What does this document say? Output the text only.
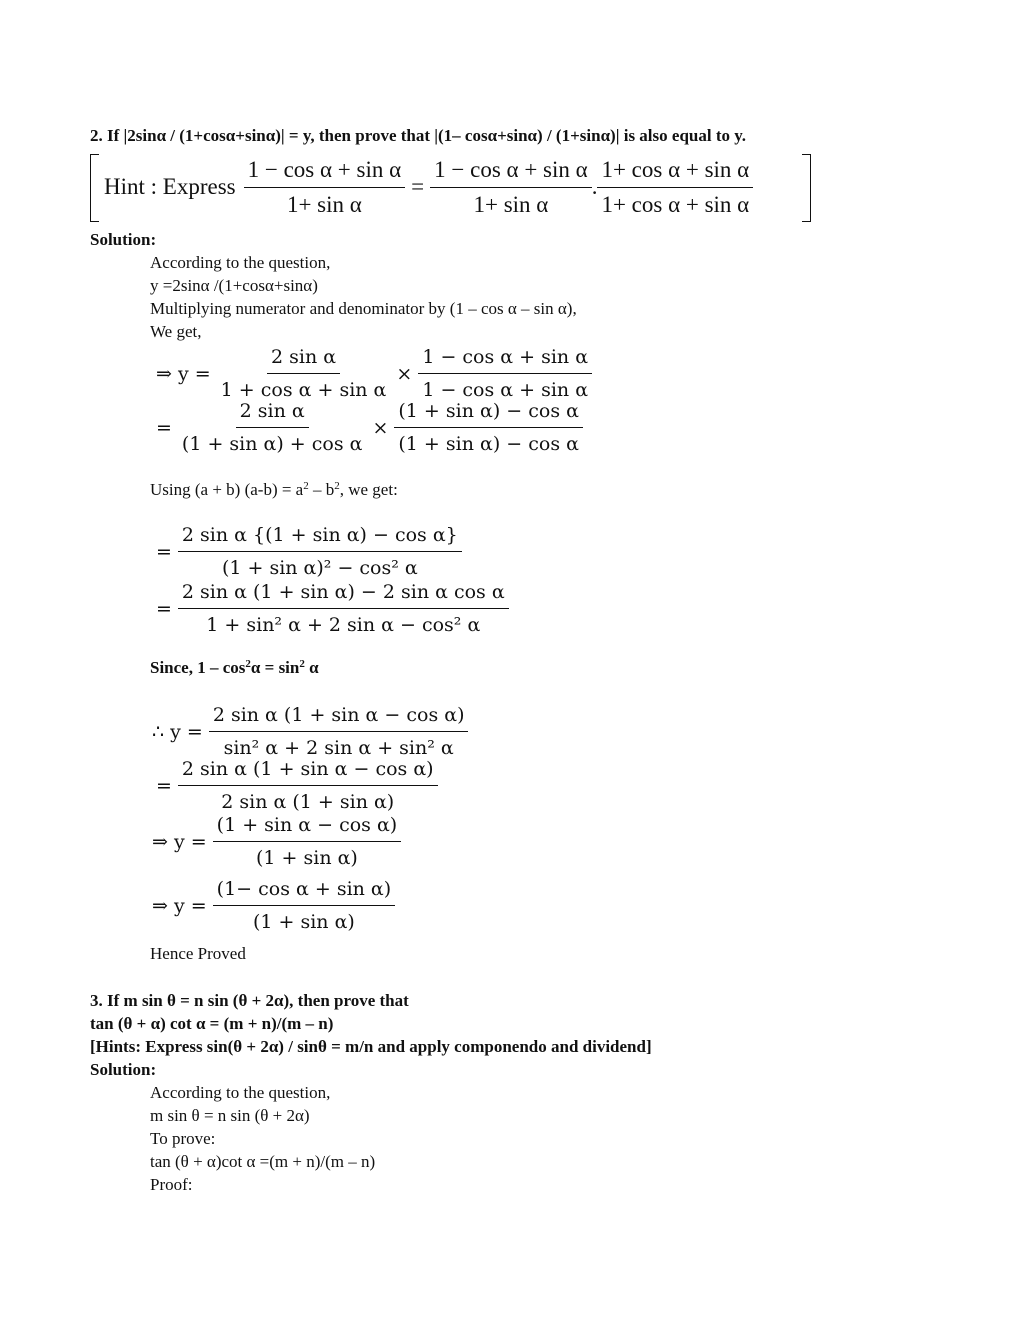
2. If |2sinα / (1+cosα+sinα)| = y, then prove that |(1– cosα+sinα) / (1+sinα)| is also equal to y.
Hint : Express $\frac{\text{1 − cos α + sin α}}{\text{1+ sin α}} = \frac{\text{1 − cos α + sin α}}{\text{1+ sin α}}$ . $\frac{\text{1+ cos α + sin α}}{\text{1+ cos α + sin α}}$
Solution:
According to the question,
y =2sinα /(1+cosα+sinα)
Multiplying numerator and denominator by (1 – cos α – sin α),
We get,
⇒ $y = \frac{\text{2 sin α}}{\text{1 + cos α + sin α}} \times \frac{\text{1 − cos α + sin α}}{\text{1 − cos α + sin α}}$
= $\frac{\text{2 sin α}}{\text{(1 + sin α) + cos α}} \times \frac{\text{(1 + sin α) − cos α}}{\text{(1 + sin α) − cos α}}$
Using (a + b) $(a-b) = a^2 - b^2$, we get:
= $\frac{\text{2 sin α \{(1 + sin α) − cos α\}}}{\text{(1 + sin α)² − cos² α}}$
= $\frac{\text{2 sin α (1 + sin α) − 2 sin α cos α}}{\text{1 + sin² α + 2 sin α − cos² α}}$
Since, $1 - \cos^2\alpha = \sin^2 \alpha$
∴ $y = \frac{\text{2 sin α (1 + sin α − cos α)}}{\text{sin² α + 2 sin α + sin² α}}$
= $\frac{\text{2 sin α (1 + sin α − cos α)}}{\text{2 sin α (1 + sin α)}}$
⇒ $y = \frac{\text{(1 + sin α − cos α)}}{\text{(1 + sin α)}}$
⇒ $y = \frac{\text{(1− cos α + sin α)}}{\text{(1 + sin α)}}$
Hence Proved
3. If m sin θ = n sin (θ + 2α), then prove that
tan (θ + α) cot α = (m + n)/(m – n)
[Hints: Express sin(θ + 2α) / sinθ = m/n and apply componendo and dividend]
Solution:
According to the question,
m sin θ = n sin (θ + 2α)
To prove:
tan (θ + α)cot α =(m + n)/(m – n)
Proof:
